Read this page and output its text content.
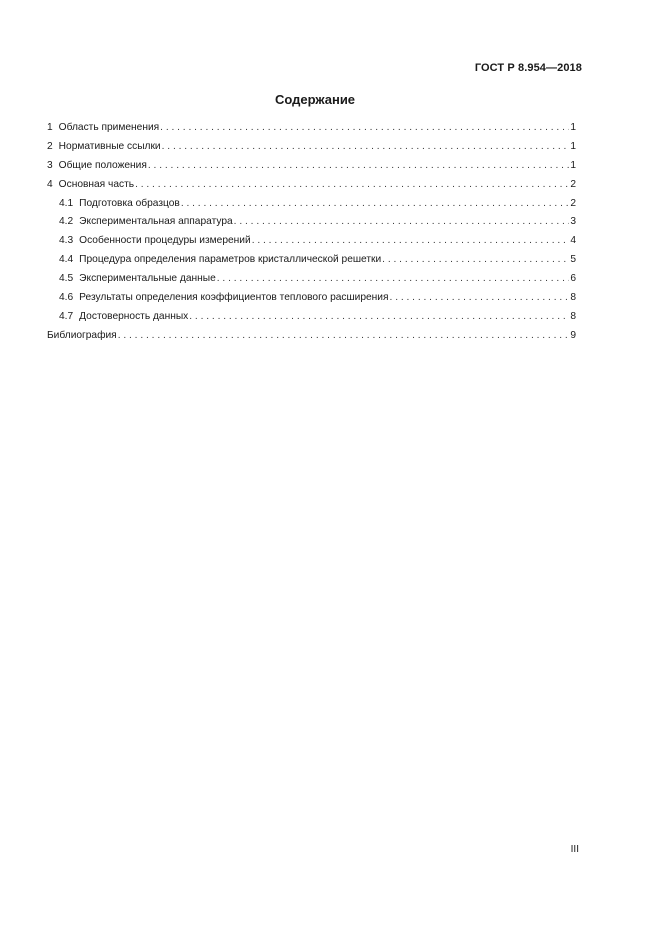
ГОСТ Р 8.954—2018
Содержание
1 Область применения . . .	1
2 Нормативные ссылки . . .	1
3 Общие положения . . .	1
4 Основная часть . . .	2
4.1 Подготовка образцов . . .	2
4.2 Экспериментальная аппаратура . . .	3
4.3 Особенности процедуры измерений . . .	4
4.4 Процедура определения параметров кристаллической решетки . . .	5
4.5 Экспериментальные данные . . .	6
4.6 Результаты определения коэффициентов теплового расширения . . .	8
4.7 Достоверность данных . . .	8
Библиография . . .	9
III
